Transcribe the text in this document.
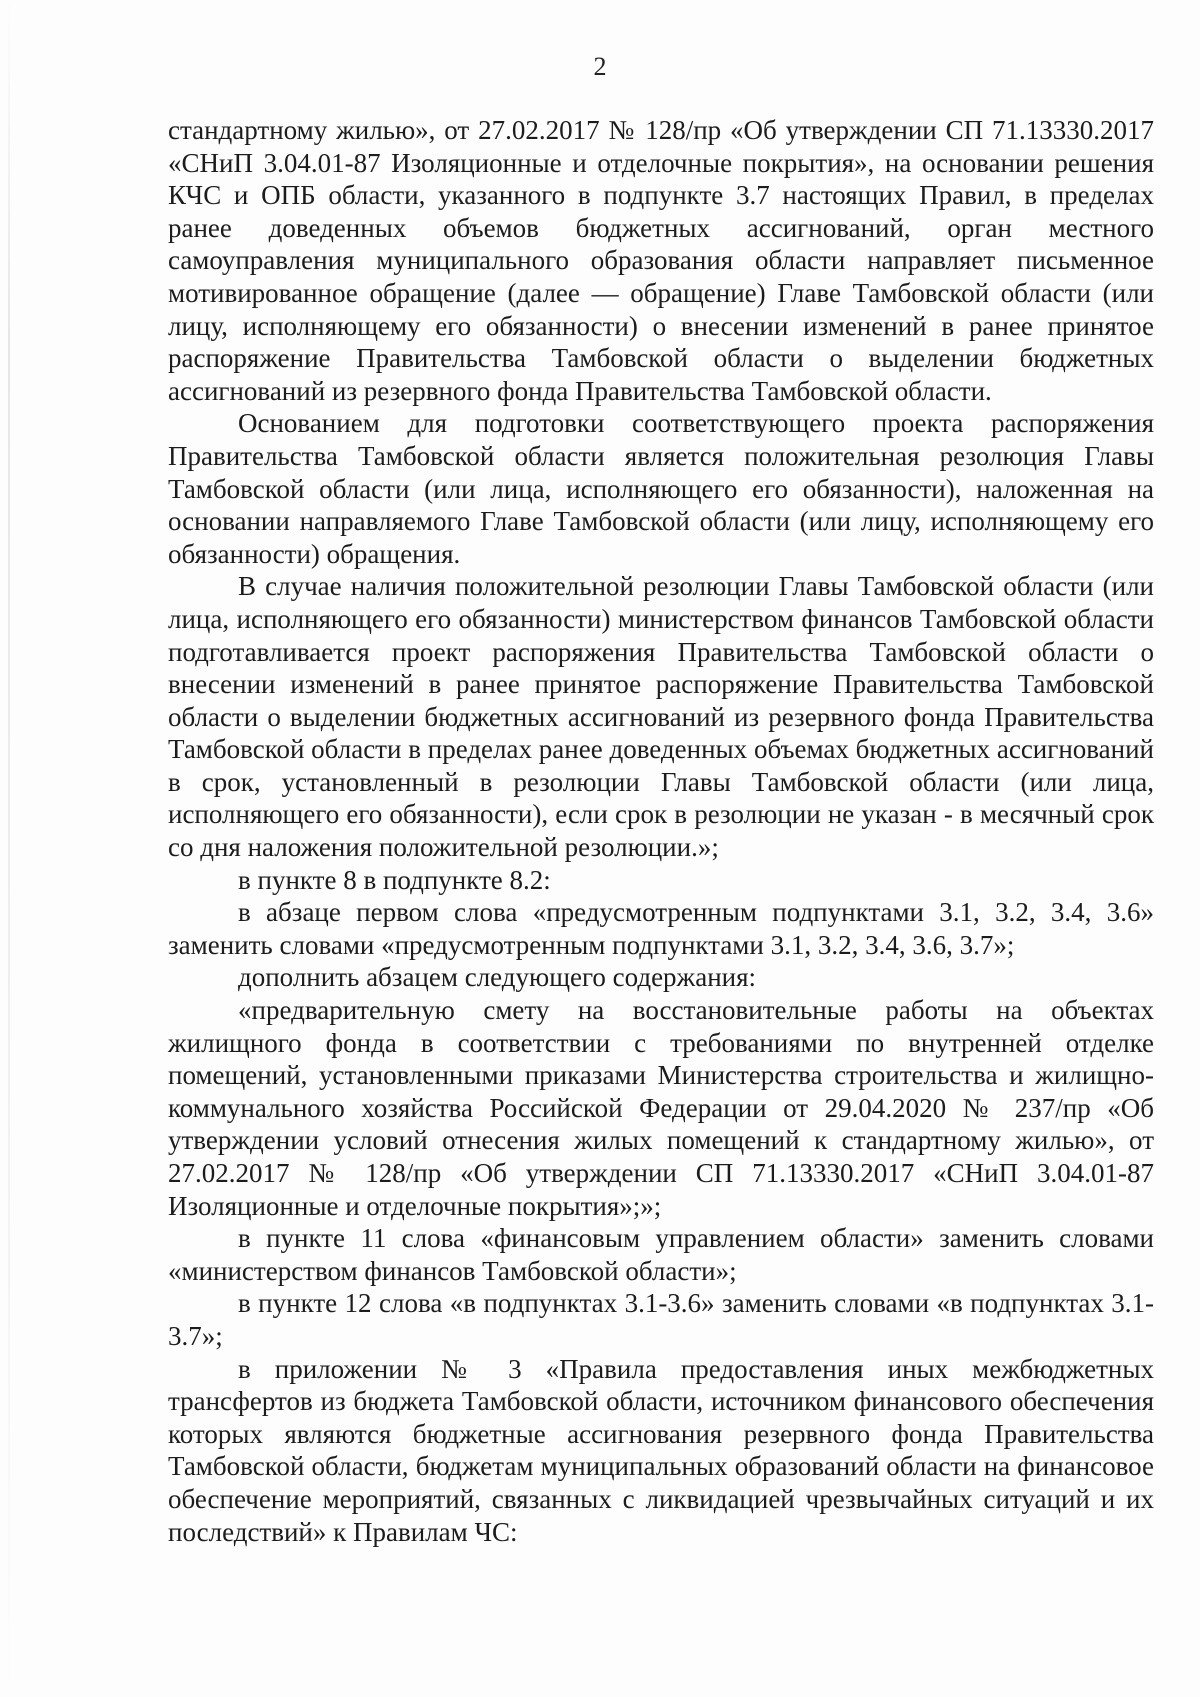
2

стандартному жилью», от 27.02.2017 № 128/пр «Об утверждении СП 71.13330.2017 «СНиП 3.04.01-87 Изоляционные и отделочные покрытия», на основании решения КЧС и ОПБ области, указанного в подпункте 3.7 настоящих Правил, в пределах ранее доведенных объемов бюджетных ассигнований, орган местного самоуправления муниципального образования области направляет письменное мотивированное обращение (далее — обращение) Главе Тамбовской области (или лицу, исполняющему его обязанности) о внесении изменений в ранее принятое распоряжение Правительства Тамбовской области о выделении бюджетных ассигнований из резервного фонда Правительства Тамбовской области.

Основанием для подготовки соответствующего проекта распоряжения Правительства Тамбовской области является положительная резолюция Главы Тамбовской области (или лица, исполняющего его обязанности), наложенная на основании направляемого Главе Тамбовской области (или лицу, исполняющему его обязанности) обращения.

В случае наличия положительной резолюции Главы Тамбовской области (или лица, исполняющего его обязанности) министерством финансов Тамбовской области подготавливается проект распоряжения Правительства Тамбовской области о внесении изменений в ранее принятое распоряжение Правительства Тамбовской области о выделении бюджетных ассигнований из резервного фонда Правительства Тамбовской области в пределах ранее доведенных объемах бюджетных ассигнований в срок, установленный в резолюции Главы Тамбовской области (или лица, исполняющего его обязанности), если срок в резолюции не указан - в месячный срок со дня наложения положительной резолюции.»;

в пункте 8 в подпункте 8.2:

в абзаце первом слова «предусмотренным подпунктами 3.1, 3.2, 3.4, 3.6» заменить словами «предусмотренным подпунктами 3.1, 3.2, 3.4, 3.6, 3.7»;

дополнить абзацем следующего содержания:

«предварительную смету на восстановительные работы на объектах жилищного фонда в соответствии с требованиями по внутренней отделке помещений, установленными приказами Министерства строительства и жилищно-коммунального хозяйства Российской Федерации от 29.04.2020 № 237/пр «Об утверждении условий отнесения жилых помещений к стандартному жилью», от 27.02.2017 № 128/пр «Об утверждении СП 71.13330.2017 «СНиП 3.04.01-87 Изоляционные и отделочные покрытия»;»;

в пункте 11 слова «финансовым управлением области» заменить словами «министерством финансов Тамбовской области»;

в пункте 12 слова «в подпунктах 3.1-3.6» заменить словами «в подпунктах 3.1-3.7»;

в приложении № 3 «Правила предоставления иных межбюджетных трансфертов из бюджета Тамбовской области, источником финансового обеспечения которых являются бюджетные ассигнования резервного фонда Правительства Тамбовской области, бюджетам муниципальных образований области на финансовое обеспечение мероприятий, связанных с ликвидацией чрезвычайных ситуаций и их последствий» к Правилам ЧС:
